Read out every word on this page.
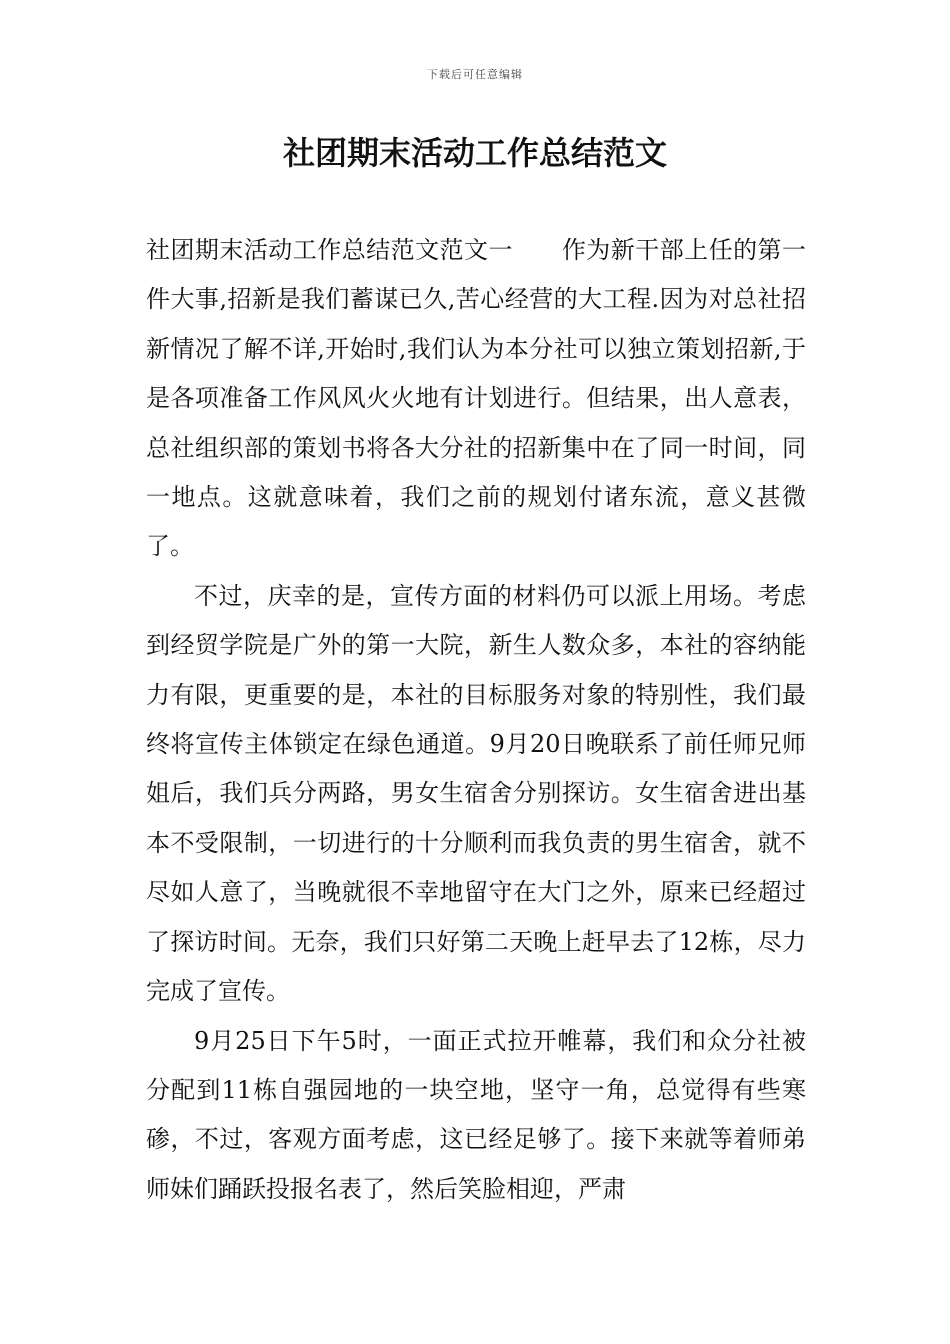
下载后可任意编辑
社团期末活动工作总结范文

社团期末活动工作总结范文范文一　　作为新干部上任的第一件大事,招新是我们蓄谋已久,苦心经营的大工程.因为对总社招新情况了解不详,开始时,我们认为本分社可以独立策划招新,于是各项准备工作风风火火地有计划进行。但结果，出人意表，总社组织部的策划书将各大分社的招新集中在了同一时间，同一地点。这就意味着，我们之前的规划付诸东流，意义甚微了。

不过，庆幸的是，宣传方面的材料仍可以派上用场。考虑到经贸学院是广外的第一大院，新生人数众多，本社的容纳能力有限，更重要的是，本社的目标服务对象的特别性，我们最终将宣传主体锁定在绿色通道。9月20日晚联系了前任师兄师姐后，我们兵分两路，男女生宿舍分别探访。女生宿舍进出基本不受限制，一切进行的十分顺利而我负责的男生宿舍，就不尽如人意了，当晚就很不幸地留守在大门之外，原来已经超过了探访时间。无奈，我们只好第二天晚上赶早去了12栋，尽力完成了宣传。

9月25日下午5时，一面正式拉开帷幕，我们和众分社被分配到11栋自强园地的一块空地，坚守一角，总觉得有些寒碜，不过，客观方面考虑，这已经足够了。接下来就等着师弟师妹们踊跃投报名表了，然后笑脸相迎，严肃
